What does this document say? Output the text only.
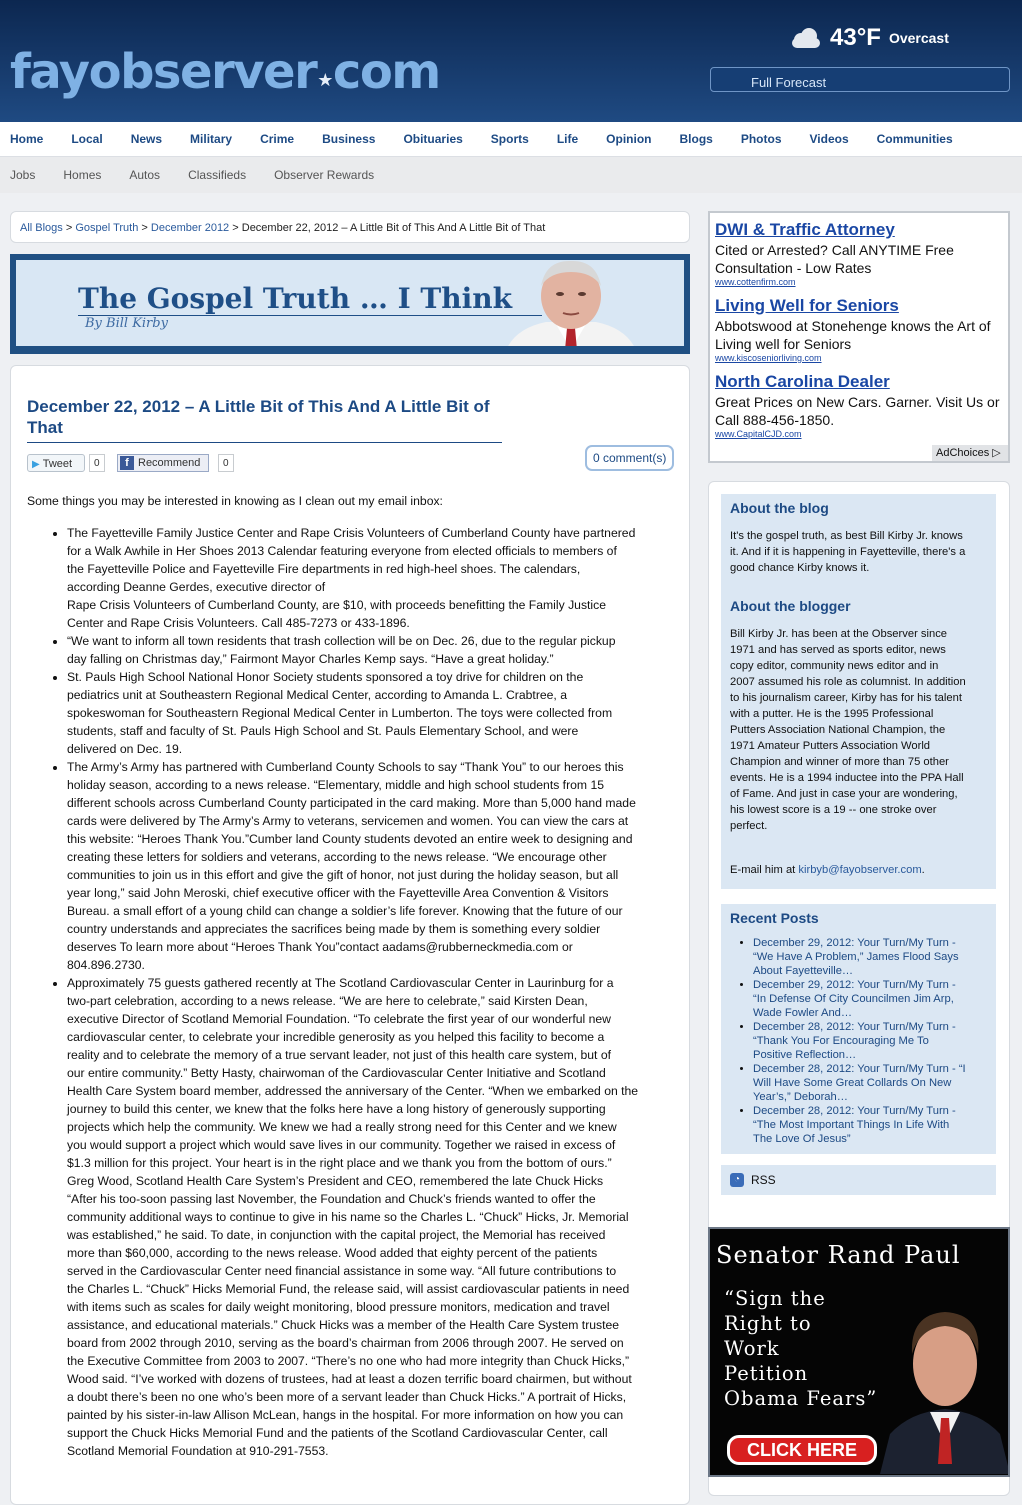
fayobserver★com
43°F Overcast
Full Forecast
Home Local News Military Crime Business Obituaries Sports Life Opinion Blogs Photos Videos Communities
Jobs Homes Autos Classifieds Observer Rewards
All Blogs > Gospel Truth > December 2012 > December 22, 2012 – A Little Bit of This And A Little Bit of That
The Gospel Truth … I Think
By Bill Kirby
December 22, 2012 – A Little Bit of This And A Little Bit of That
▶ Tweet	0	f Recommend	0	0 comment(s)

Some things you may be interested in knowing as I clean out my email inbox:

• The Fayetteville Family Justice Center and Rape Crisis Volunteers of Cumberland County have partnered
for a Walk Awhile in Her Shoes 2013 Calendar featuring everyone from elected officials to members of
the Fayetteville Police and Fayetteville Fire departments in red high-heel shoes. The calendars,
according Deanne Gerdes, executive director of
Rape Crisis Volunteers of Cumberland County, are $10, with proceeds benefitting the Family Justice
Center and Rape Crisis Volunteers. Call 485-7273 or 433-1896.
• “We want to inform all town residents that trash collection will be on Dec. 26, due to the regular pickup
day falling on Christmas day,” Fairmont Mayor Charles Kemp says. “Have a great holiday.”
• St. Pauls High School National Honor Society students sponsored a toy drive for children on the
pediatrics unit at Southeastern Regional Medical Center, according to Amanda L. Crabtree, a
spokeswoman for Southeastern Regional Medical Center in Lumberton. The toys were collected from
students, staff and faculty of St. Pauls High School and St. Pauls Elementary School, and were
delivered on Dec. 19.
• The Army’s Army has partnered with Cumberland County Schools to say “Thank You” to our heroes this
holiday season, according to a news release. “Elementary, middle and high school students from 15
different schools across Cumberland County participated in the card making. More than 5,000 hand made
cards were delivered by The Army’s Army to veterans, servicemen and women. You can view the cars at
this website: “Heroes Thank You.”Cumber land County students devoted an entire week to designing and
creating these letters for soldiers and veterans, according to the news release. “We encourage other
communities to join us in this effort and give the gift of honor, not just during the holiday season, but all
year long,” said John Meroski, chief executive officer with the Fayetteville Area Convention & Visitors
Bureau. a small effort of a young child can change a soldier’s life forever. Knowing that the future of our
country understands and appreciates the sacrifices being made by them is something every soldier
deserves To learn more about “Heroes Thank You”contact aadams@rubberneckmedia.com or
804.896.2730.
• Approximately 75 guests gathered recently at The Scotland Cardiovascular Center in Laurinburg for a
two-part celebration, according to a news release. “We are here to celebrate,” said Kirsten Dean,
executive Director of Scotland Memorial Foundation. “To celebrate the first year of our wonderful new
cardiovascular center, to celebrate your incredible generosity as you helped this facility to become a
reality and to celebrate the memory of a true servant leader, not just of this health care system, but of
our entire community.” Betty Hasty, chairwoman of the Cardiovascular Center Initiative and Scotland
Health Care System board member, addressed the anniversary of the Center. “When we embarked on the
journey to build this center, we knew that the folks here have a long history of generously supporting
projects which help the community. We knew we had a really strong need for this Center and we knew
you would support a project which would save lives in our community. Together we raised in excess of
$1.3 million for this project. Your heart is in the right place and we thank you from the bottom of ours.”
Greg Wood, Scotland Health Care System’s President and CEO, remembered the late Chuck Hicks
“After his too-soon passing last November, the Foundation and Chuck’s friends wanted to offer the
community additional ways to continue to give in his name so the Charles L. “Chuck” Hicks, Jr. Memorial
was established,” he said. To date, in conjunction with the capital project, the Memorial has received
more than $60,000, according to the news release. Wood added that eighty percent of the patients
served in the Cardiovascular Center need financial assistance in some way. “All future contributions to
the Charles L. “Chuck” Hicks Memorial Fund, the release said, will assist cardiovascular patients in need
with items such as scales for daily weight monitoring, blood pressure monitors, medication and travel
assistance, and educational materials.” Chuck Hicks was a member of the Health Care System trustee
board from 2002 through 2010, serving as the board’s chairman from 2006 through 2007. He served on
the Executive Committee from 2003 to 2007. “There’s no one who had more integrity than Chuck Hicks,”
Wood said. “I’ve worked with dozens of trustees, had at least a dozen terrific board chairmen, but without
a doubt there’s been no one who’s been more of a servant leader than Chuck Hicks.” A portrait of Hicks,
painted by his sister-in-law Allison McLean, hangs in the hospital. For more information on how you can
support the Chuck Hicks Memorial Fund and the patients of the Scotland Cardiovascular Center, call
Scotland Memorial Foundation at 910-291-7553.
DWI & Traffic Attorney
Cited or Arrested? Call ANYTIME Free
Consultation - Low Rates
www.cottenfirm.com
Living Well for Seniors
Abbotswood at Stonehenge knows the Art of
Living well for Seniors
www.kiscoseniorliving.com
North Carolina Dealer
Great Prices on New Cars. Garner. Visit Us or
Call 888-456-1850.
www.CapitalCJD.com
AdChoices ▷
About the blog

It's the gospel truth, as best Bill Kirby Jr. knows
it. And if it is happening in Fayetteville, there's a
good chance Kirby knows it.

About the blogger

Bill Kirby Jr. has been at the Observer since
1971 and has served as sports editor, news
copy editor, community news editor and in
2007 assumed his role as columnist. In addition
to his journalism career, Kirby has for his talent
with a putter. He is the 1995 Professional
Putters Association National Champion, the
1971 Amateur Putters Association World
Champion and winner of more than 75 other
events. He is a 1994 inductee into the PPA Hall
of Fame. And just in case your are wondering,
his lowest score is a 19 -- one stroke over
perfect.

E-mail him at kirbyb@fayobserver.com.

Recent Posts
• December 29, 2012: Your Turn/My Turn -
“We Have A Problem,” James Flood Says
About Fayetteville…
• December 29, 2012: Your Turn/My Turn -
“In Defense Of City Councilmen Jim Arp,
Wade Fowler And…
• December 28, 2012: Your Turn/My Turn -
“Thank You For Encouraging Me To
Positive Reflection…
• December 28, 2012: Your Turn/My Turn - “I
Will Have Some Great Collards On New
Year’s,” Deborah…
• December 28, 2012: Your Turn/My Turn -
“The Most Important Things In Life With
The Love Of Jesus”
◔ RSS
Senator Rand Paul
“Sign the
Right to
Work
Petition
Obama Fears”
CLICK HERE
